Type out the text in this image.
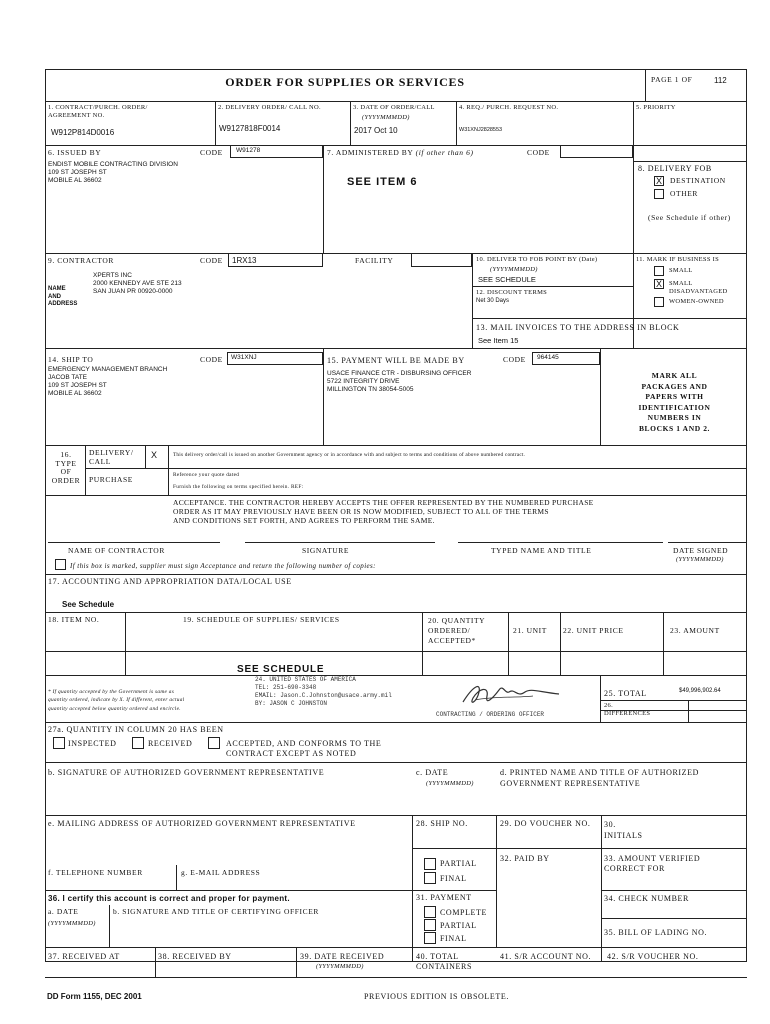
ORDER FOR SUPPLIES OR SERVICES	PAGE 1 OF	112
1. CONTRACT/PURCH. ORDER/
AGREEMENT NO.
W912P814D0016
2. DELIVERY ORDER/ CALL NO.
W9127818F0014
3. DATE OF ORDER/CALL
(YYYYMMMDD)
2017 Oct 10
4. REQ./ PURCH. REQUEST NO.
W31XNJ2828553
5. PRIORITY
6. ISSUED BY	CODE W91278
ENDIST MOBILE CONTRACTING DIVISION
109 ST JOSEPH ST
MOBILE AL 36602
7. ADMINISTERED BY (if other than 6)	CODE
SEE ITEM 6
8. DELIVERY FOB
X DESTINATION
OTHER
(See Schedule if other)
9. CONTRACTOR	CODE 1RX13	FACILITY
NAME
AND
ADDRESS
XPERTS INC
2000 KENNEDY AVE STE 213
SAN JUAN PR 00920-0000
10. DELIVER TO FOB POINT BY (Date)
(YYYYMMMDD)
SEE SCHEDULE
12. DISCOUNT TERMS
Net 30 Days
13. MAIL INVOICES TO THE ADDRESS IN BLOCK
See Item 15
11. MARK IF BUSINESS IS
SMALL
X	SMALL
DISADVANTAGED
WOMEN-OWNED
14. SHIP TO	CODE W31XNJ
EMERGENCY MANAGEMENT BRANCH
JACOB TATE
109 ST JOSEPH ST
MOBILE AL 36602
15. PAYMENT WILL BE MADE BY	CODE 964145
USACE FINANCE CTR - DISBURSING OFFICER
5722 INTEGRITY DRIVE
MILLINGTON TN 38054-5005
MARK ALL
PACKAGES AND
PAPERS WITH
IDENTIFICATION
NUMBERS IN
BLOCKS 1 AND 2.
16.
TYPE
OF
ORDER
DELIVERY/
CALL
X
PURCHASE
This delivery order/call is issued on another Government agency or in accordance with and subject to terms and conditions of above numbered contract.
Reference your quote dated
Furnish the following on terms specified herein. REF:
ACCEPTANCE. THE CONTRACTOR HEREBY ACCEPTS THE OFFER REPRESENTED BY THE NUMBERED PURCHASE
ORDER AS IT MAY PREVIOUSLY HAVE BEEN OR IS NOW MODIFIED, SUBJECT TO ALL OF THE TERMS
AND CONDITIONS SET FORTH, AND AGREES TO PERFORM THE SAME.
NAME OF CONTRACTOR	SIGNATURE	TYPED NAME AND TITLE	DATE SIGNED
(YYYYMMMDD)
If this box is marked, supplier must sign Acceptance and return the following number of copies:
17. ACCOUNTING AND APPROPRIATION DATA/LOCAL USE
See Schedule
18. ITEM NO.	19. SCHEDULE OF SUPPLIES/ SERVICES	20. QUANTITY
ORDERED/
ACCEPTED*
21. UNIT 22. UNIT PRICE	23. AMOUNT
SEE SCHEDULE
* If quantity accepted by the Government is same as
quantity ordered, indicate by X. If different, enter actual
quantity accepted below quantity ordered and encircle.
24. UNITED STATES OF AMERICA
TEL: 251-690-3348
EMAIL: Jason.C.Johnston@usace.army.mil
BY: JASON C JOHNSTON
CONTRACTING / ORDERING OFFICER
25. TOTAL	$49,996,902.64
26.
DIFFERENCES
27a. QUANTITY IN COLUMN 20 HAS BEEN
INSPECTED	RECEIVED	ACCEPTED, AND CONFORMS TO THE
CONTRACT EXCEPT AS NOTED
b. SIGNATURE OF AUTHORIZED GOVERNMENT REPRESENTATIVE	c. DATE
(YYYYMMMDD)
d. PRINTED NAME AND TITLE OF AUTHORIZED
GOVERNMENT REPRESENTATIVE
e. MAILING ADDRESS OF AUTHORIZED GOVERNMENT REPRESENTATIVE
f. TELEPHONE NUMBER	g. E-MAIL ADDRESS
28. SHIP NO.
PARTIAL
FINAL
29. DO VOUCHER NO. 30.
INITIALS
32. PAID BY	33. AMOUNT VERIFIED
CORRECT FOR
31. PAYMENT
COMPLETE
PARTIAL
FINAL
34. CHECK NUMBER
35. BILL OF LADING NO.
36. I certify this account is correct and proper for payment.
a. DATE
(YYYYMMMDD)
b. SIGNATURE AND TITLE OF CERTIFYING OFFICER
37. RECEIVED AT	38. RECEIVED BY	39. DATE RECEIVED
(YYYYMMMDD)
40. TOTAL
CONTAINERS
41. S/R ACCOUNT NO. 42. S/R VOUCHER NO.
DD Form 1155, DEC 2001	PREVIOUS EDITION IS OBSOLETE.
